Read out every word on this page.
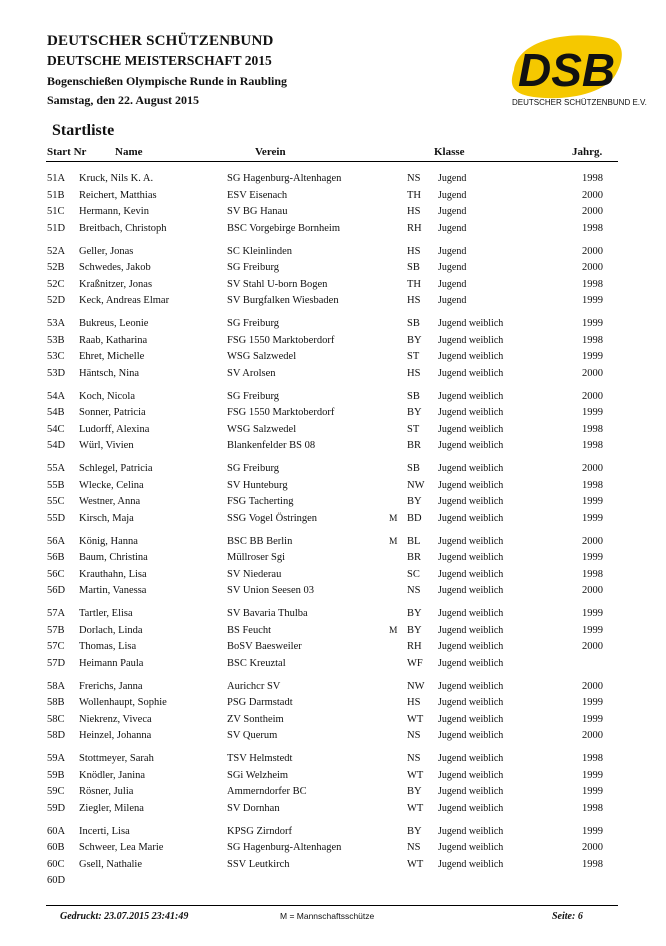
DEUTSCHER SCHÜTZENBUND
DEUTSCHE MEISTERSCHAFT 2015
Bogenschießen Olympische Runde in Raubling
Samstag, den 22. August 2015
DSB
DEUTSCHER SCHÜTZENBUND E.V.
Startliste
Start Nr	Name	Verein	Klasse	Jahrg.
51A Kruck, Nils K. A.	SG Hagenburg-Altenhagen	NS Jugend	1998
51B Reichert, Matthias	ESV Eisenach	TH Jugend	2000
51C Hermann, Kevin	SV BG Hanau	HS Jugend	2000
51D Breitbach, Christoph	BSC Vorgebirge Bornheim	RH Jugend	1998
52A Geller, Jonas	SC Kleinlinden	HS Jugend	2000
52B Schwedes, Jakob	SG Freiburg	SB Jugend	2000
52C Kraßnitzer, Jonas	SV Stahl U-born Bogen	TH Jugend	1998
52D Keck, Andreas Elmar	SV Burgfalken Wiesbaden	HS Jugend	1999
53A Bukreus, Leonie	SG Freiburg	SB Jugend weiblich	1999
53B Raab, Katharina	FSG 1550 Marktoberdorf	BY Jugend weiblich	1998
53C Ehret, Michelle	WSG Salzwedel	ST Jugend weiblich	1999
53D Häntsch, Nina	SV Arolsen	HS Jugend weiblich	2000
54A Koch, Nicola	SG Freiburg	SB Jugend weiblich	2000
54B Sonner, Patricia	FSG 1550 Marktoberdorf	BY Jugend weiblich	1999
54C Ludorff, Alexina	WSG Salzwedel	ST Jugend weiblich	1998
54D Würl, Vivien	Blankenfelder BS 08	BR Jugend weiblich	1998
55A Schlegel, Patricia	SG Freiburg	SB Jugend weiblich	2000
55B Wlecke, Celina	SV Hunteburg	NW Jugend weiblich	1998
55C Westner, Anna	FSG Tacherting	BY Jugend weiblich	1999
55D Kirsch, Maja	SSG Vogel Östringen	M BD Jugend weiblich	1999
56A König, Hanna	BSC BB Berlin	M BL Jugend weiblich	2000
56B Baum, Christina	Müllroser Sgi	BR Jugend weiblich	1999
56C Krauthahn, Lisa	SV Niederau	SC Jugend weiblich	1998
56D Martin, Vanessa	SV Union Seesen 03	NS Jugend weiblich	2000
57A Tartler, Elisa	SV Bavaria Thulba	BY Jugend weiblich	1999
57B Dorlach, Linda	BS Feucht	M BY Jugend weiblich	1999
57C Thomas, Lisa	BoSV Baesweiler	RH Jugend weiblich	2000
57D Heimann Paula	BSC Kreuztal	WF Jugend weiblich
58A Frerichs, Janna	Aurichcr SV	NW Jugend weiblich	2000
58B Wollenhaupt, Sophie	PSG Darmstadt	HS Jugend weiblich	1999
58C Niekrenz, Viveca	ZV Sontheim	WT Jugend weiblich	1999
58D Heinzel, Johanna	SV Querum	NS Jugend weiblich	2000
59A Stottmeyer, Sarah	TSV Helmstedt	NS Jugend weiblich	1998
59B Knödler, Janina	SGi Welzheim	WT Jugend weiblich	1999
59C Rösner, Julia	Ammerndorfer BC	BY Jugend weiblich	1999
59D Ziegler, Milena	SV Dornhan	WT Jugend weiblich	1998
60A Incerti, Lisa	KPSG Zirndorf	BY Jugend weiblich	1999
60B Schweer, Lea Marie	SG Hagenburg-Altenhagen	NS Jugend weiblich	2000
60C Gsell, Nathalie	SSV Leutkirch	WT Jugend weiblich	1998
60D
Gedruckt: 23.07.2015 23:41:49	M = Mannschaftsschütze	Seite: 6
